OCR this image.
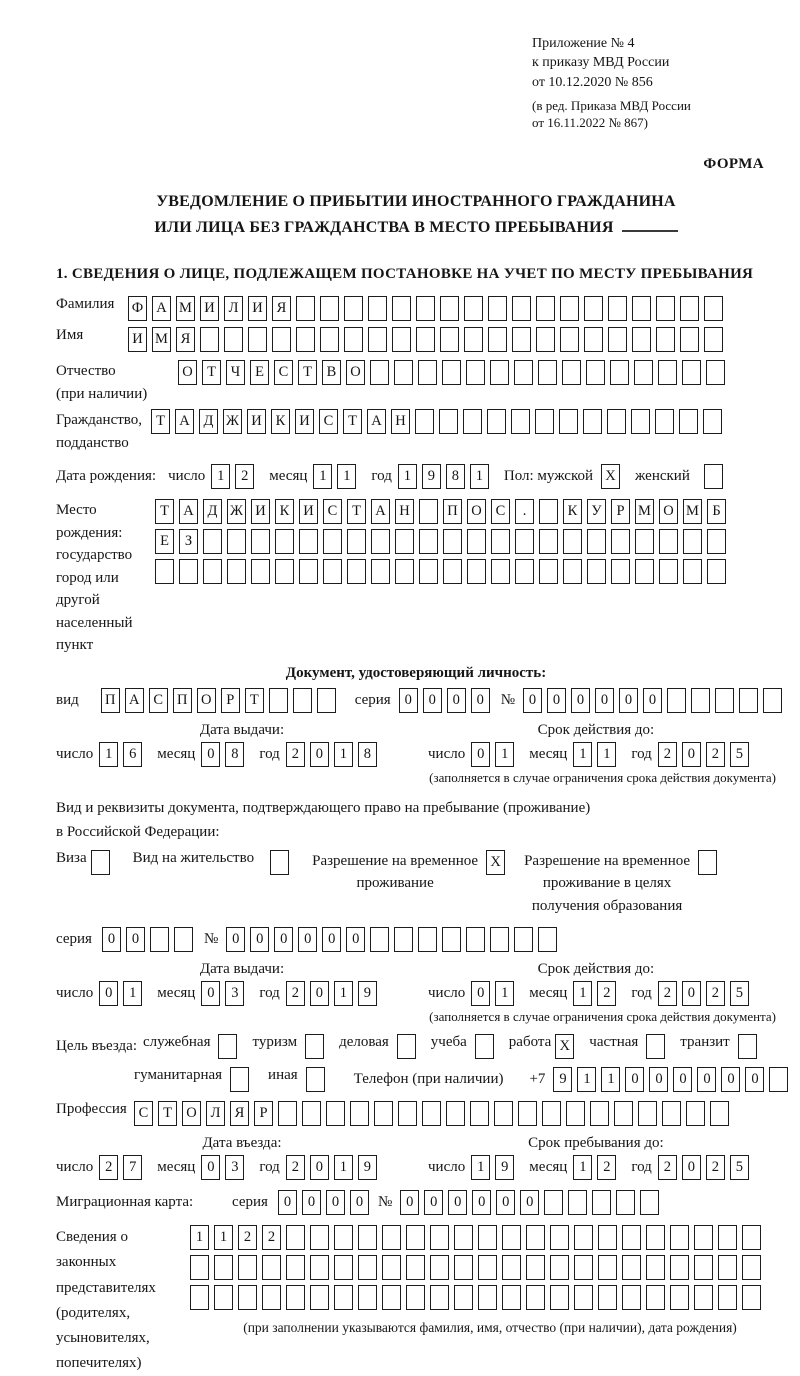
Приложение № 4
к приказу МВД России
от 10.12.2020 № 856
(в ред. Приказа МВД России
от 16.11.2022 № 867)
ФОРМА
УВЕДОМЛЕНИЕ О ПРИБЫТИИ ИНОСТРАННОГО ГРАЖДАНИНА
ИЛИ ЛИЦА БЕЗ ГРАЖДАНСТВА В МЕСТО ПРЕБЫВАНИЯ
1. СВЕДЕНИЯ О ЛИЦЕ, ПОДЛЕЖАЩЕМ ПОСТАНОВКЕ НА УЧЕТ ПО МЕСТУ ПРЕБЫВАНИЯ
Фамилия	Ф А М И Л И Я
Имя	И М Я
Отчество
(при наличии)
О Т	Ч	Е	С	Т	В О
Гражданство,
подданство
Т А Д Ж И К И С	Т А Н
Дата рождения: число 1	2	месяц 1	1	год 1	9	8	1	Пол: мужской X женский
Место рождения:
государство
город или другой
населенный пункт
Т А Д Ж И К И С	Т А Н	П О С	.	К У	Р М О М Б
Е	З
Документ, удостоверяющий личность:
вид П А С П О	Р	Т	серия 0	0	0	0	№ 0	0	0	0	0	0
Дата выдачи:
число 1	6	месяц 0	8	год 2	0	1	8
Срок действия до:
число 0	1	месяц 1	1	год 2	0	2	5
(заполняется в случае ограничения срока действия документа)
Вид и реквизиты документа, подтверждающего право на пребывание (проживание)
в Российской Федерации:
Виза	Вид на жительство	Разрешение на временное
проживание
X Разрешение на временное
проживание в целях
получения образования
серия	0	0	№ 0	0	0	0	0	0
Дата выдачи:
число 0	1	месяц 0	3	год 2	0	1	9
Срок действия до:
число 0	1	месяц 1	2	год 2	0	2	5
(заполняется в случае ограничения срока действия документа)
Цель въезда: служебная	туризм	деловая	учеба	работа X частная	транзит
гуманитарная	иная	Телефон (при наличии) +7 9	1	1	0	0	0	0	0	0
Профессия С	Т О Л Я	Р
Дата въезда:
число 2	7	месяц 0	3	год 2	0	1	9
Срок пребывания до:
число 1	9	месяц 1	2	год 2	0	2	5
Миграционная карта:	серия	0	0	0	0 № 0	0	0	0	0	0
Сведения о
законных
представителях
(родителях,
усыновителях,
попечителях)
1	1	2	2
(при заполнении указываются фамилия, имя, отчество (при наличии), дата рождения)
